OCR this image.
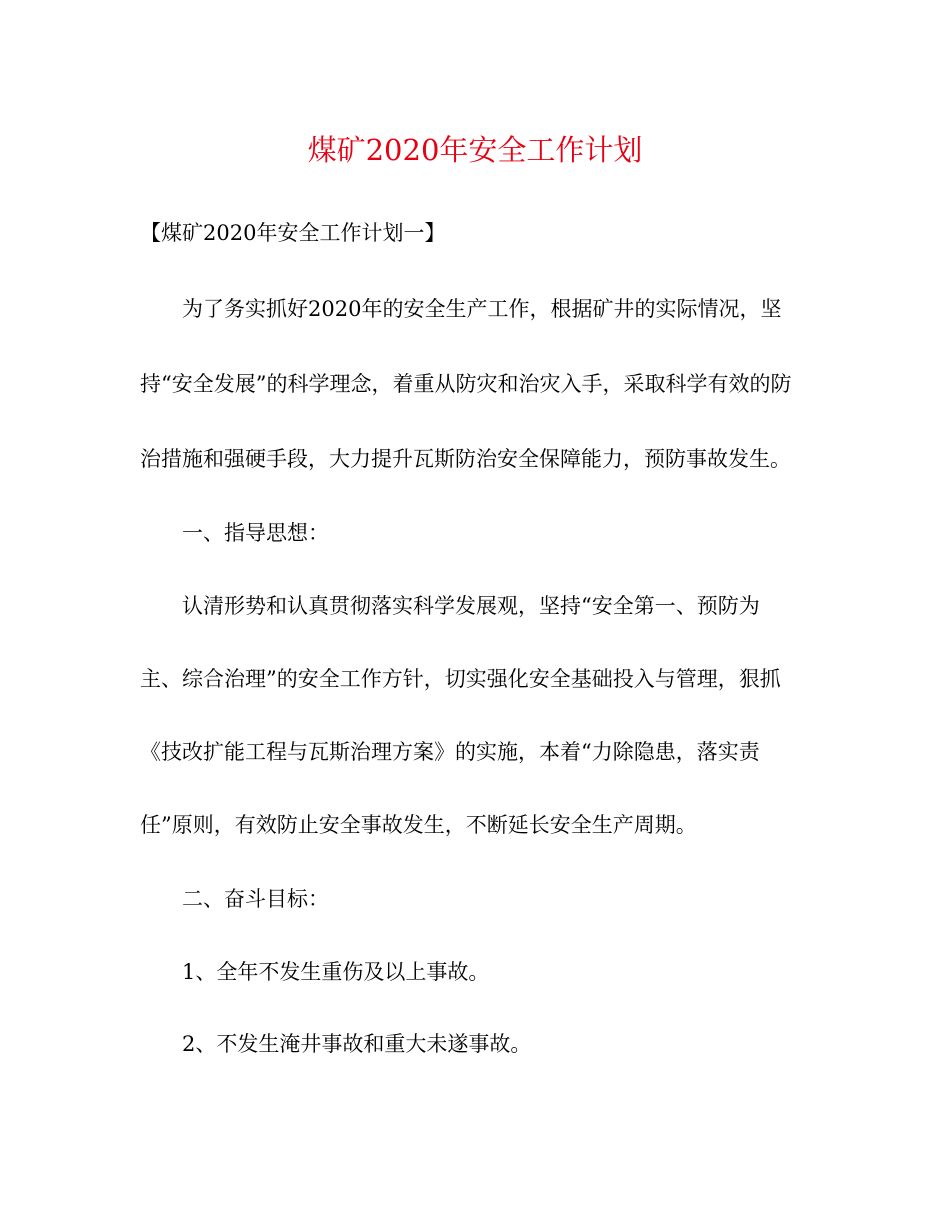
煤矿2020年安全工作计划

【煤矿2020年安全工作计划一】

为了务实抓好2020年的安全生产工作，根据矿井的实际情况，坚

持“安全发展”的科学理念，着重从防灾和治灾入手，采取科学有效的防

治措施和强硬手段，大力提升瓦斯防治安全保障能力，预防事故发生。

一、指导思想：

认清形势和认真贯彻落实科学发展观，坚持“安全第一、预防为

主、综合治理”的安全工作方针，切实强化安全基础投入与管理，狠抓

《技改扩能工程与瓦斯治理方案》的实施，本着“力除隐患，落实责

任”原则，有效防止安全事故发生，不断延长安全生产周期。

二、奋斗目标：

1、全年不发生重伤及以上事故。

2、不发生淹井事故和重大未遂事故。
